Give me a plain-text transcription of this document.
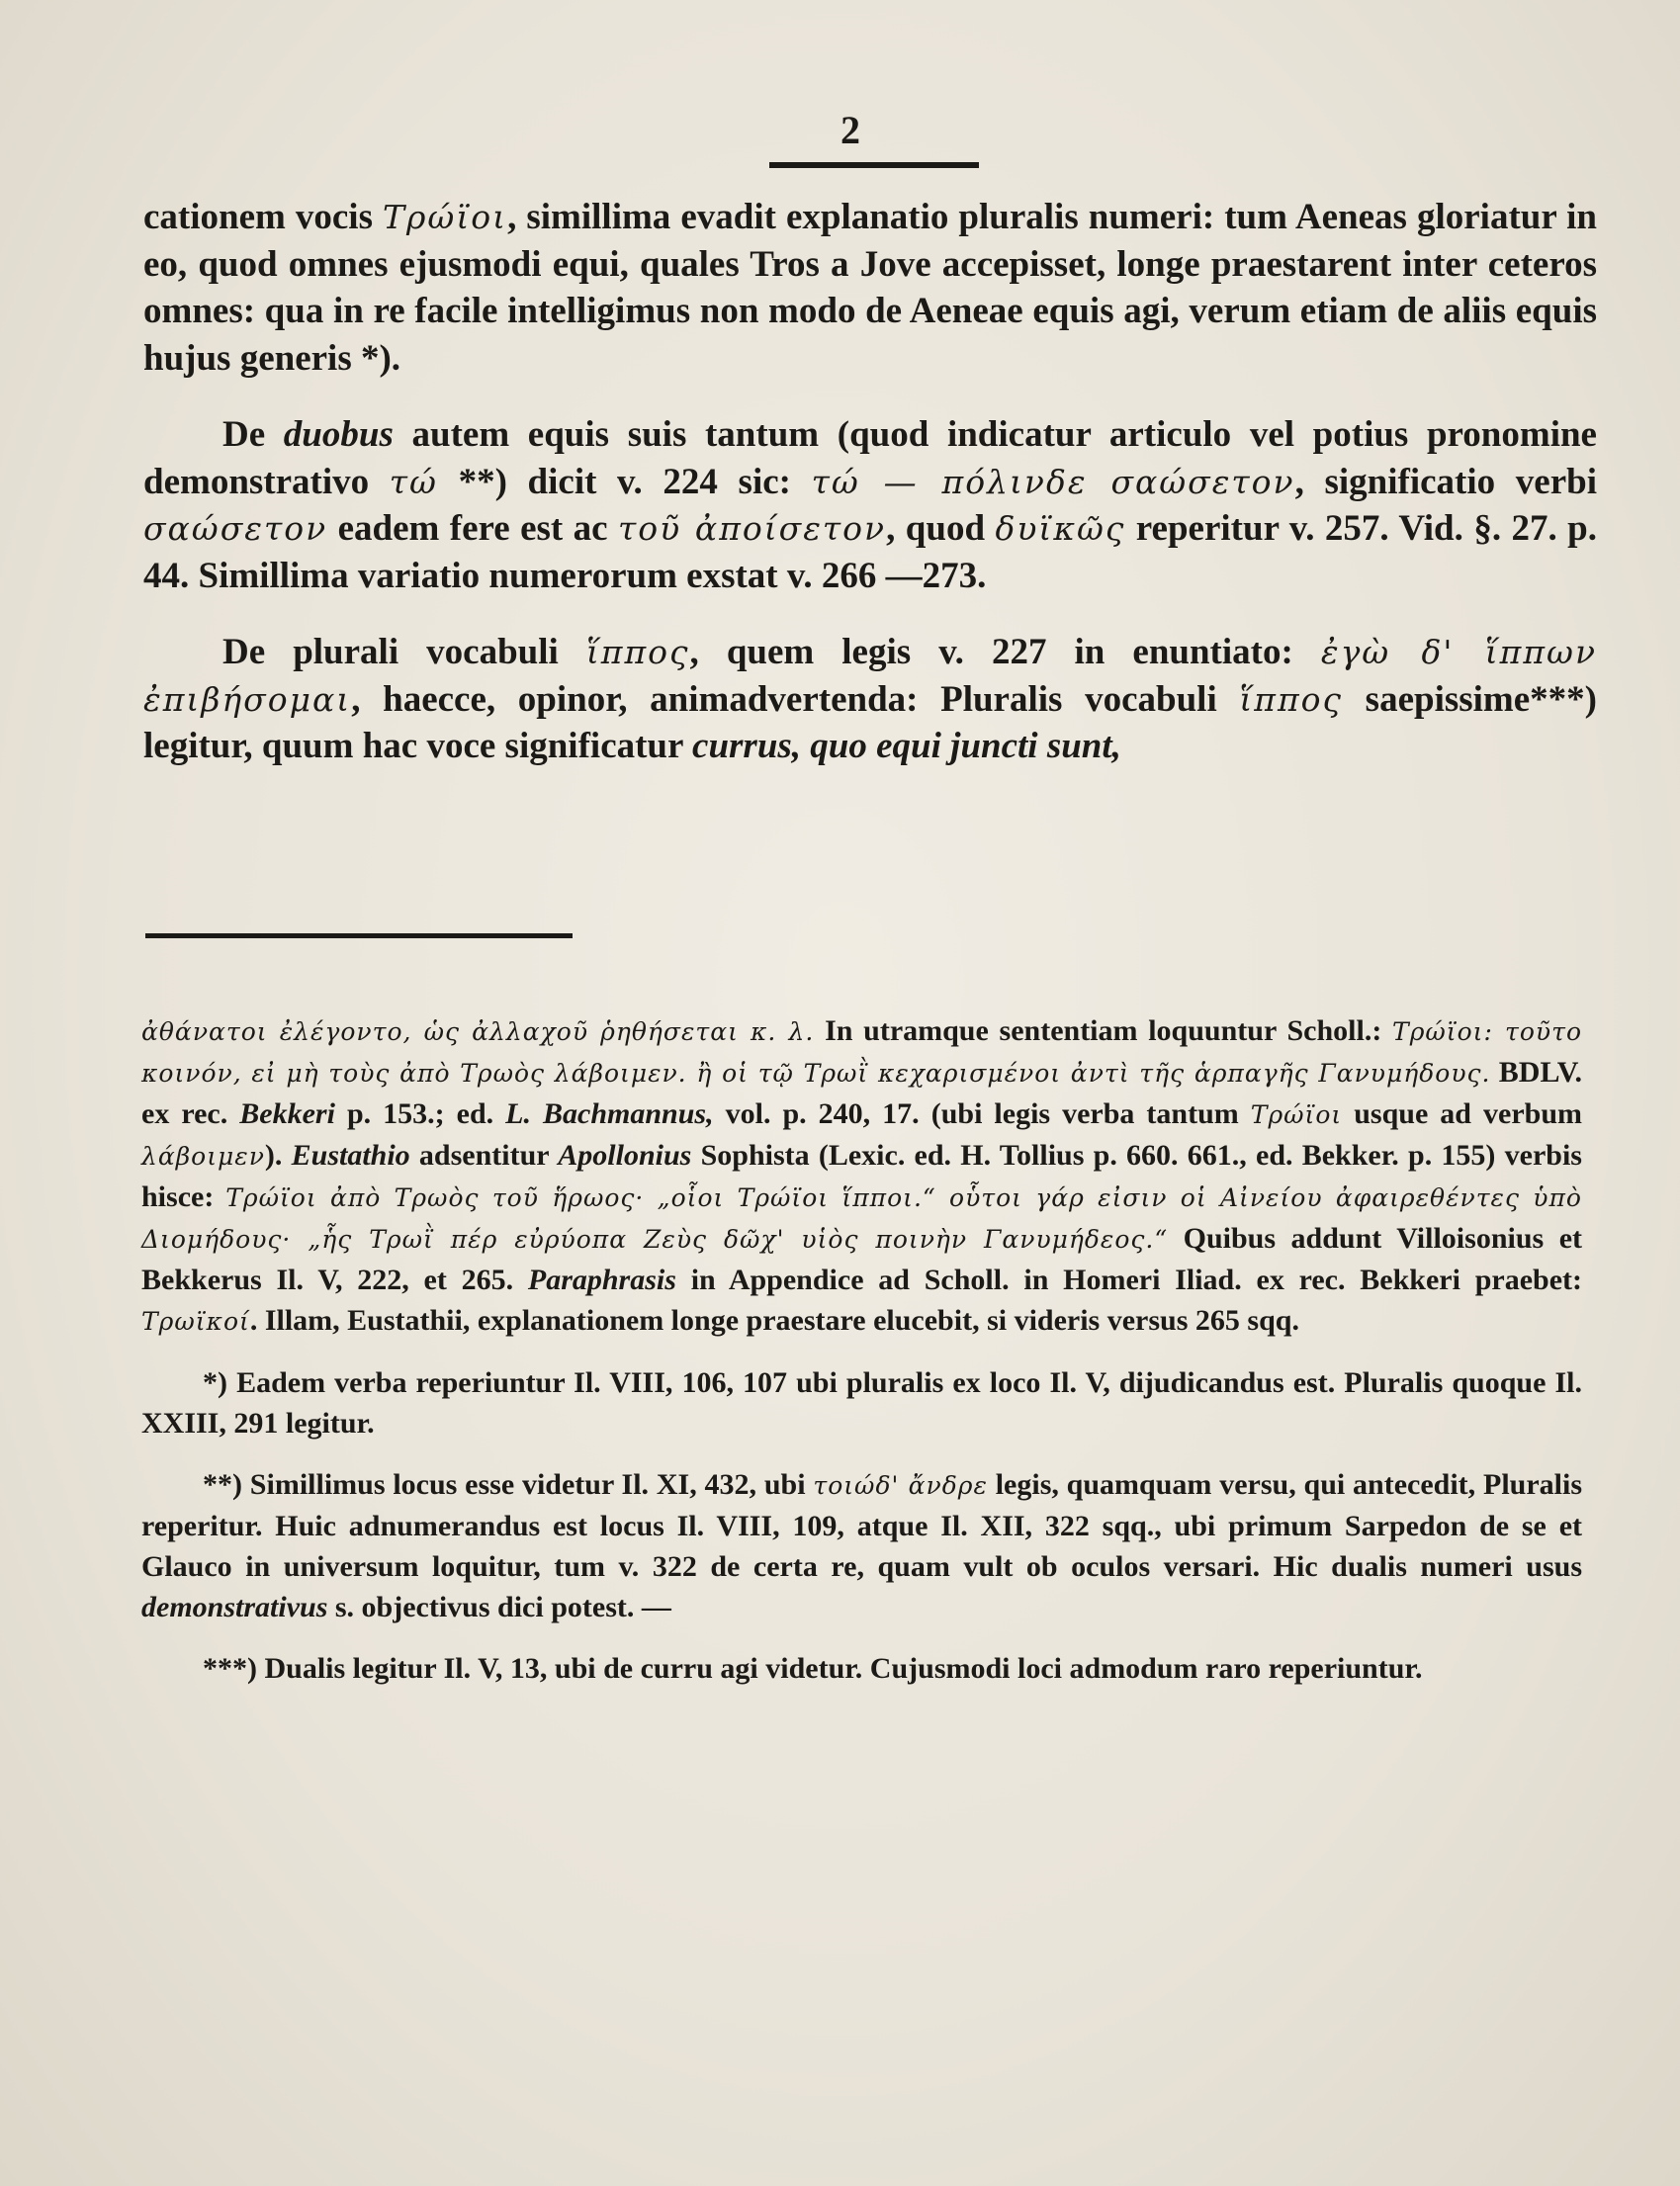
2

cationem vocis Τρώϊοι, simillima evadit explanatio pluralis numeri: tum Aeneas gloriatur in eo, quod omnes ejusmodi equi, quales Tros a Jove accepisset, longe praestarent inter ceteros omnes: qua in re facile intelligimus non modo de Aeneae equis agi, verum etiam de aliis equis hujus generis *).

De duobus autem equis suis tantum (quod indicatur articulo vel potius pronomine demonstrativo τώ **) dicit v. 224 sic: τώ — πόλινδε σαώσετον, significatio verbi σαώσετον eadem fere est ac τοῦ ἀποίσετον, quod δυϊκῶς reperitur v. 257. Vid. §. 27. p. 44. Simillima variatio numerorum exstat v. 266 —273.

De plurali vocabuli ἵππος, quem legis v. 227 in enuntiato: ἐγὼ δ' ἵππων ἐπιβήσομαι, haecce, opinor, animadvertenda: Pluralis vocabuli ἵππος saepissime***) legitur, quum hac voce significatur currus, quo equi juncti sunt,

ἀθάνατοι ἐλέγοντο, ὡς ἀλλαχοῦ ῥηθήσεται κ. λ. In utramque sententiam loquuntur Scholl.: Τρώϊοι: τοῦτο κοινόν, εἰ μὴ τοὺς ἀπὸ Τρωὸς λάβοιμεν. ἢ οἱ τῷ Τρωῒ κεχαρισμένοι ἀντὶ τῆς ἁρπαγῆς Γανυμήδους. BDLV. ex rec. Bekkeri p. 153.; ed. L. Bachmannus, vol. p. 240, 17. (ubi legis verba tantum Τρώϊοι usque ad verbum λάβοιμεν). Eustathio adsentitur Apollonius Sophista (Lexic. ed. H. Tollius p. 660. 661., ed. Bekker. p. 155) verbis hisce: Τρώϊοι ἀπὸ Τρωὸς τοῦ ἥρωος· „οἷοι Τρώϊοι ἵπποι.“ οὗτοι γάρ εἰσιν οἱ Αἰνείου ἀφαιρεθέντες ὑπὸ Διομήδους· „ἧς Τρωῒ πέρ εὐρύοπα Ζεὺς δῶχ' υἱὸς ποινὴν Γανυμήδεος.“ Quibus addunt Villoisonius et Bekkerus Il. V, 222, et 265. Paraphrasis in Appendice ad Scholl. in Homeri Iliad. ex rec. Bekkeri praebet: Τρωϊκοί. Illam, Eustathii, explanationem longe praestare elucebit, si videris versus 265 sqq.

*) Eadem verba reperiuntur Il. VIII, 106, 107 ubi pluralis ex loco Il. V, dijudicandus est. Pluralis quoque Il. XXIII, 291 legitur.

**) Simillimus locus esse videtur Il. XI, 432, ubi τοιώδ' ἄνδρε legis, quamquam versu, qui antecedit, Pluralis reperitur. Huic adnumerandus est locus Il. VIII, 109, atque Il. XII, 322 sqq., ubi primum Sarpedon de se et Glauco in universum loquitur, tum v. 322 de certa re, quam vult ob oculos versari. Hic dualis numeri usus demonstrativus s. objectivus dici potest. —

***) Dualis legitur Il. V, 13, ubi de curru agi videtur. Cujusmodi loci admodum raro reperiuntur.
